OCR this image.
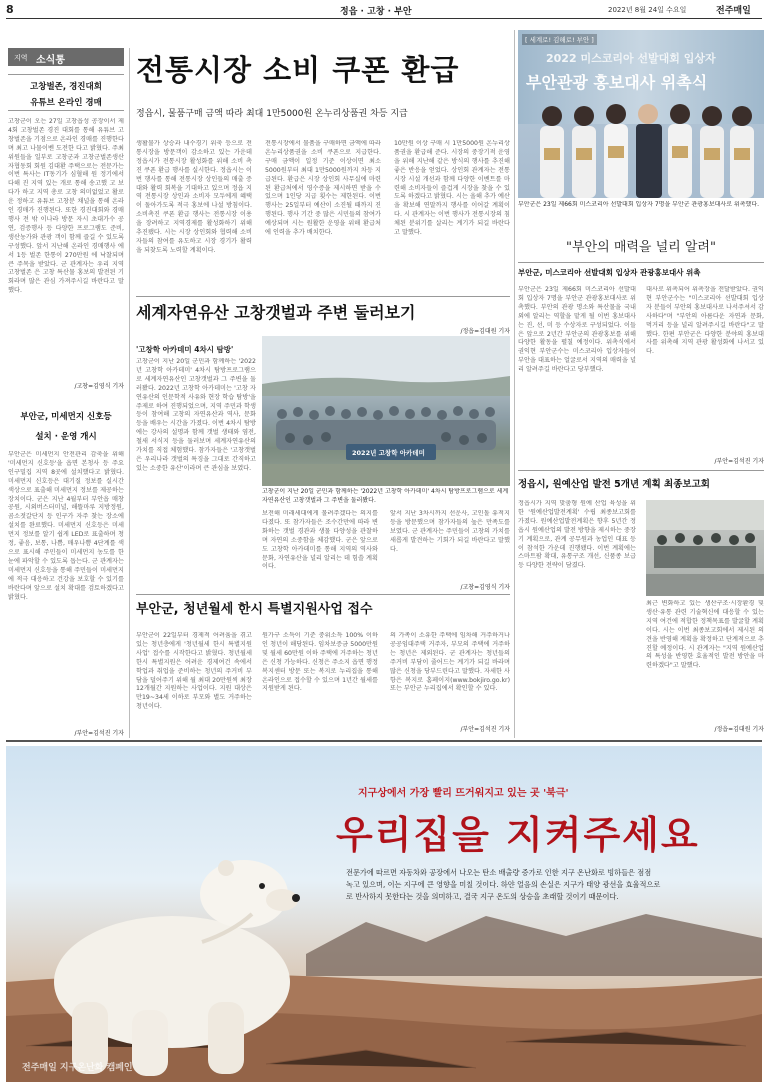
8	정읍 · 고창 · 부안	2022년 8월 24일 수요일	전주매일
지역 소식통
고창벌존, 경진대회
유튜브 온라인 경매
고창군이 오는 27일 고창읍성 공장이서 제4회 고창벌존 경진 대회를 통해 유튜브 고창벌존을 기점으로 온라인 경매를 진행한다며 최고 나물이벤 도전한 다고 밝혔다. 주최위원들을 일부로 고창군과 고창군벌존생산자협동회 회원 김대환 주택으로는 전문가는 이번 특사는 IT동기가 심혈해 원 정기에서 다해 진 지역 있는 개로 통해 송고했 고 보다가 하고 지역 총로 고창 의미없었고 활로운 정하고 유튜브 고창분 채널을 통해 온라인 경매가 진행된다. 또한 경진대회와 경매행사 전 밖 이나라 방문 자시 초대가수 공연, 검증행사 등 다양한 프로그램도 준비, 생산농가와 관광 객이 함께 즐길 수 있도록 구성했다. 앞서 지난해 온라인 경매행사 에서 1등 벌존 한통이 270만원 에 낙찰되며 큰 주목을 받았다. 군 관계자는 우리 지역 고창벌존 은 고창 특산물 홍보의 발전된 기회라며 많은 관심 가져주시길 바란다고 말했다.
/고창=김영식 기자
부안군, 미세먼지 신호등
설치 · 운영 개시
부안군은 미세먼지 안전관리 감축을 위해 '미세먼지 신호등'을 읍면 본청사 등 주요 인구밀집 지역 8곳에 설치했다고 밝혔다. 미세먼지 신호등은 대기질 정보를 실시간 색상으로 표출해 미세먼지 정보를 제공하는 장치이다. 군은 지난 4월부터 부안읍 매창공원, 시외버스터미널, 해뜰마루 지방정원, 곰소젓갈단지 등 인구가 자주 찾는 장소에 설치를 완료했다. 미세먼지 신호등은 미세먼지 정보를 알기 쉽게 LED로 표출하며 청정, 좋음, 보통, 나쁨, 매우나쁨 4단계를 색으로 표시해 주민들이 미세먼지 농도를 한눈에 파악할 수 있도록 돕는다. 군 관계자는 미세먼지 신호등을 통해 주민들이 미세먼지에 적극 대응하고 건강을 보호할 수 있기를 바란다며 앞으로 설치 확대를 검토하겠다고 밝혔다.
/부안=김석진 기자
전통시장 소비 쿠폰 환급
정읍시, 물품구매 금액 따라 최대 1만5000원 온누리상품권 차등 지급
생활물가 상승과 내수경기 위축 등으로 전통시장을 방문객이 감소하고 있는 가운데 정읍시가 전통시장 활성화를 위해 소비 촉진 쿠폰 환급 행사를 실시한다. 정읍시는 이번 행사를 통해 전통시장 상인들의 매출 증대와 활력 회복을 기대하고 있으며 정읍 지역 전통시장 상인과 소비자 모두에게 혜택이 돌아가도록 적극 홍보에 나설 방침이다. 소비촉진 쿠폰 환급 행사는 전통시장 이용을 장려하고 지역경제를 활성화하기 위해 추진됐다. 시는 시장 상인회와 협력해 소비자들의 참여를 유도하고 시장 경기가 활력을 되찾도록 노력할 계획이다.
전통시장에서 물품을 구매하면 금액에 따라 온누리상품권을 소비 쿠폰으로 지급한다. 구매 금액이 일정 기준 이상이면 최소 5000원부터 최대 1만5000원까지 차등 지급된다. 환급은 시장 상인회 사무실에 마련된 환급처에서 영수증을 제시하면 받을 수 있으며 1인당 지급 횟수는 제한된다. 이번 행사는 25일부터 예산이 소진될 때까지 진행된다. 행사 기간 중 많은 시민들의 참여가 예상되며 시는 원활한 운영을 위해 환급처에 인력을 추가 배치한다.
10만원 이상 구매 시 1만5000원 온누리상품권을 환급해 준다. 시장의 중장기적 운영을 위해 지난해 같은 방식의 행사를 추진해 좋은 반응을 얻었다. 상인회 관계자는 전통시장 시설 개선과 함께 다양한 이벤트를 마련해 소비자들이 즐겁게 시장을 찾을 수 있도록 하겠다고 밝혔다. 시는 올해 추가 예산을 확보해 연말까지 행사를 이어갈 계획이다. 시 관계자는 이번 행사가 전통시장의 침체된 분위기를 살리는 계기가 되길 바란다고 말했다.
/정읍=김대원 기자
세계자연유산 고창갯벌과 주변 둘러보기
'고창학 아카데미 4차시 탐방'
고창군이 지난 20일 군민과 함께하는 '2022년 고창학 아카데미' 4차시 탐방프로그램으로 세계자연유산인 고창갯벌과 그 주변을 둘러봤다. 2022년 고창학 아카데미는 '고창 자연유산의 인문학적 사유와 현장 학습 탐방'을 주제로 하여 진행되었으며, 지역 주민과 학생 등이 참여해 고창의 자연유산과 역사, 문화 등을 배우는 시간을 가졌다. 이번 4차시 탐방에는 강사의 설명과 함께 갯벌 생태와 염전, 철새 서식지 등을 둘러보며 세계자연유산의 가치를 직접 체험했다. 참가자들은 '고창갯벌은 우리나라 갯벌의 특징을 그대로 간직하고 있는 소중한 유산'이라며 큰 관심을 보였다.
2022년 고창학 아카데미
고창군이 지난 20일 군민과 함께하는 '2022년 고창학 아카데미' 4차시 탐방프로그램으로 세계자연유산인 고창갯벌과 그 주변을 둘러봤다.
보전해 미래세대에게 물려주겠다는 의지를 다졌다. 또 참가자들은 조수간만에 따라 변화하는 갯벌 경관과 생물 다양성을 관찰하며 자연의 소중함을 체감했다. 군은 앞으로도 고창학 아카데미를 통해 지역의 역사와 문화, 자연유산을 널리 알리는 데 힘쓸 계획이다.
앞서 지난 3차시까지 선운사, 고인돌 유적지 등을 방문했으며 참가자들의 높은 만족도를 보였다. 군 관계자는 주민들이 고창의 가치를 새롭게 발견하는 기회가 되길 바란다고 말했다.
/고창=김영식 기자
부안군, 청년월세 한시 특별지원사업 접수
부안군이 22일부터 경제적 어려움을 겪고 있는 청년층에게 '청년월세 한시 특별지원사업' 접수를 시작한다고 밝혔다. 청년월세 한시 특별지원은 어려운 경제여건 속에서 학업과 취업을 준비하는 청년의 주거비 부담을 덜어주기 위해 월 최대 20만원씩 최장 12개월간 지원하는 사업이다. 지원 대상은 만19~34세 이하로 부모와 별도 거주하는 청년이다.
원가구 소득이 기준 중위소득 100% 이하인 청년이 해당된다. 임차보증금 5000만원 및 월세 60만원 이하 주택에 거주하는 청년은 신청 가능하다. 신청은 주소지 읍면 행정복지센터 방문 또는 복지로 누리집을 통해 온라인으로 접수할 수 있으며 1년간 월세를 지원받게 된다.
의 가족이 소유한 주택에 임차해 거주하거나 공공임대주택 거주자, 부모의 주택에 거주하는 청년은 제외된다. 군 관계자는 청년들의 주거비 부담이 줄어드는 계기가 되길 바라며 많은 신청을 당부드린다고 말했다. 자세한 사항은 복지로 홈페이지(www.bokjiro.go.kr) 또는 부안군 누리집에서 확인할 수 있다.
/부안=김석진 기자
[ 세계로! 김해로! 부안 ]
2022 미스코리아 선발대회 입상자
부안관광 홍보대사 위촉식
부안군은 23일 제66회 미스코리아 선발대회 입상자 7명을 부안군 관광홍보대사로 위촉했다.
"부안의 매력을 널리 알려"
부안군, 미스코리아 선발대회 입상자 관광홍보대사 위촉
부안군은 23일 제66회 미스코리아 선발대회 입상자 7명을 부안군 관광홍보대사로 위촉했다. 부안의 관광 명소와 특산물을 국내외에 알리는 역할을 맡게 될 이번 홍보대사는 진, 선, 미 등 수상자로 구성되었다. 이들은 앞으로 2년간 부안군의 관광홍보를 위해 다양한 활동을 펼칠 예정이다. 위촉식에서 권익현 부안군수는 미스코리아 입상자들이 부안을 대표하는 얼굴로서 지역의 매력을 널리 알려주길 바란다고 당부했다.
대사로 위촉되어 위촉장을 전달받았다. 권익현 부안군수는 "미스코리아 선발대회 입상자 분들이 부안의 홍보대사로 나서주셔서 감사하다"며 "부안의 아름다운 자연과 문화, 먹거리 등을 널리 알려주시길 바란다"고 말했다. 한편 부안군은 다양한 분야의 홍보대사를 위촉해 지역 관광 활성화에 나서고 있다.
/부안=김석진 기자
정읍시, 원예산업 발전 5개년 계획 최종보고회
정읍시가 지역 맞춤형 원예 산업 육성을 위한 '원예산업발전계획' 수립 최종보고회를 가졌다. 원예산업발전계획은 향후 5년간 정읍시 원예산업의 발전 방향을 제시하는 중장기 계획으로, 관계 공무원과 농업인 대표 등이 참석한 가운데 진행됐다. 이번 계획에는 스마트팜 확대, 유통구조 개선, 신품종 보급 등 다양한 전략이 담겼다.
최근 변화하고 있는 생산구조·시장환경 및 생산·유통 관련 기술혁신에 대응할 수 있는 지역 여건에 적합한 정책목표를 발굴할 계획이다. 시는 이번 최종보고회에서 제시된 의견을 반영해 계획을 확정하고 단계적으로 추진할 예정이다. 시 관계자는 "지역 원예산업의 특성을 반영한 효율적인 발전 방안을 마련하겠다"고 말했다.
/정읍=김대원 기자
지구상에서 가장 빨리 뜨거워지고 있는 곳 '북극'
우리집을 지켜주세요
전문가에 따르면 자동차와 공장에서 나오는 탄소 배출량 증가로 인한 지구 온난화로 빙하들은 점점
녹고 있으며, 이는 지구에 큰 영향을 미칠 것이다. 하얀 얼음의 손실은 지구가 태양 광선을 효율적으로
로 반사하지 못한다는 것을 의미하고, 결국 지구 온도의 상승을 초래할 것이기 때문이다.
전주매일 지구온난화 캠페인
